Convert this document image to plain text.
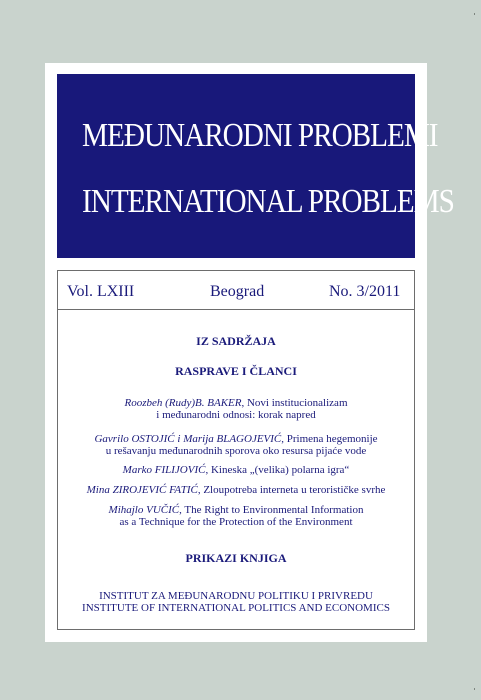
MEĐUNARODNI PROBLEMI
INTERNATIONAL PROBLEMS
Vol. LXIII	Beograd	No. 3/2011
IZ SADRŽAJA
RASPRAVE I ČLANCI
Roozbeh (Rudy)B. BAKER, Novi institucionalizam
i međunarodni odnosi: korak napred
Gavrilo OSTOJIĆ i Marija BLAGOJEVIĆ, Primena hegemonije
u rešavanju međunarodnih sporova oko resursa pijaće vode
Marko FILIJOVIĆ, Kineska „(velika) polarna igra“
Mina ZIROJEVIĆ FATIĆ, Zloupotreba interneta u terorističke svrhe
Mihajlo VUČIĆ, The Right to Environmental Information
as a Technique for the Protection of the Environment
PRIKAZI KNJIGA
INSTITUT ZA MEĐUNARODNU POLITIKU I PRIVREDU
INSTITUTE OF INTERNATIONAL POLITICS AND ECONOMICS
